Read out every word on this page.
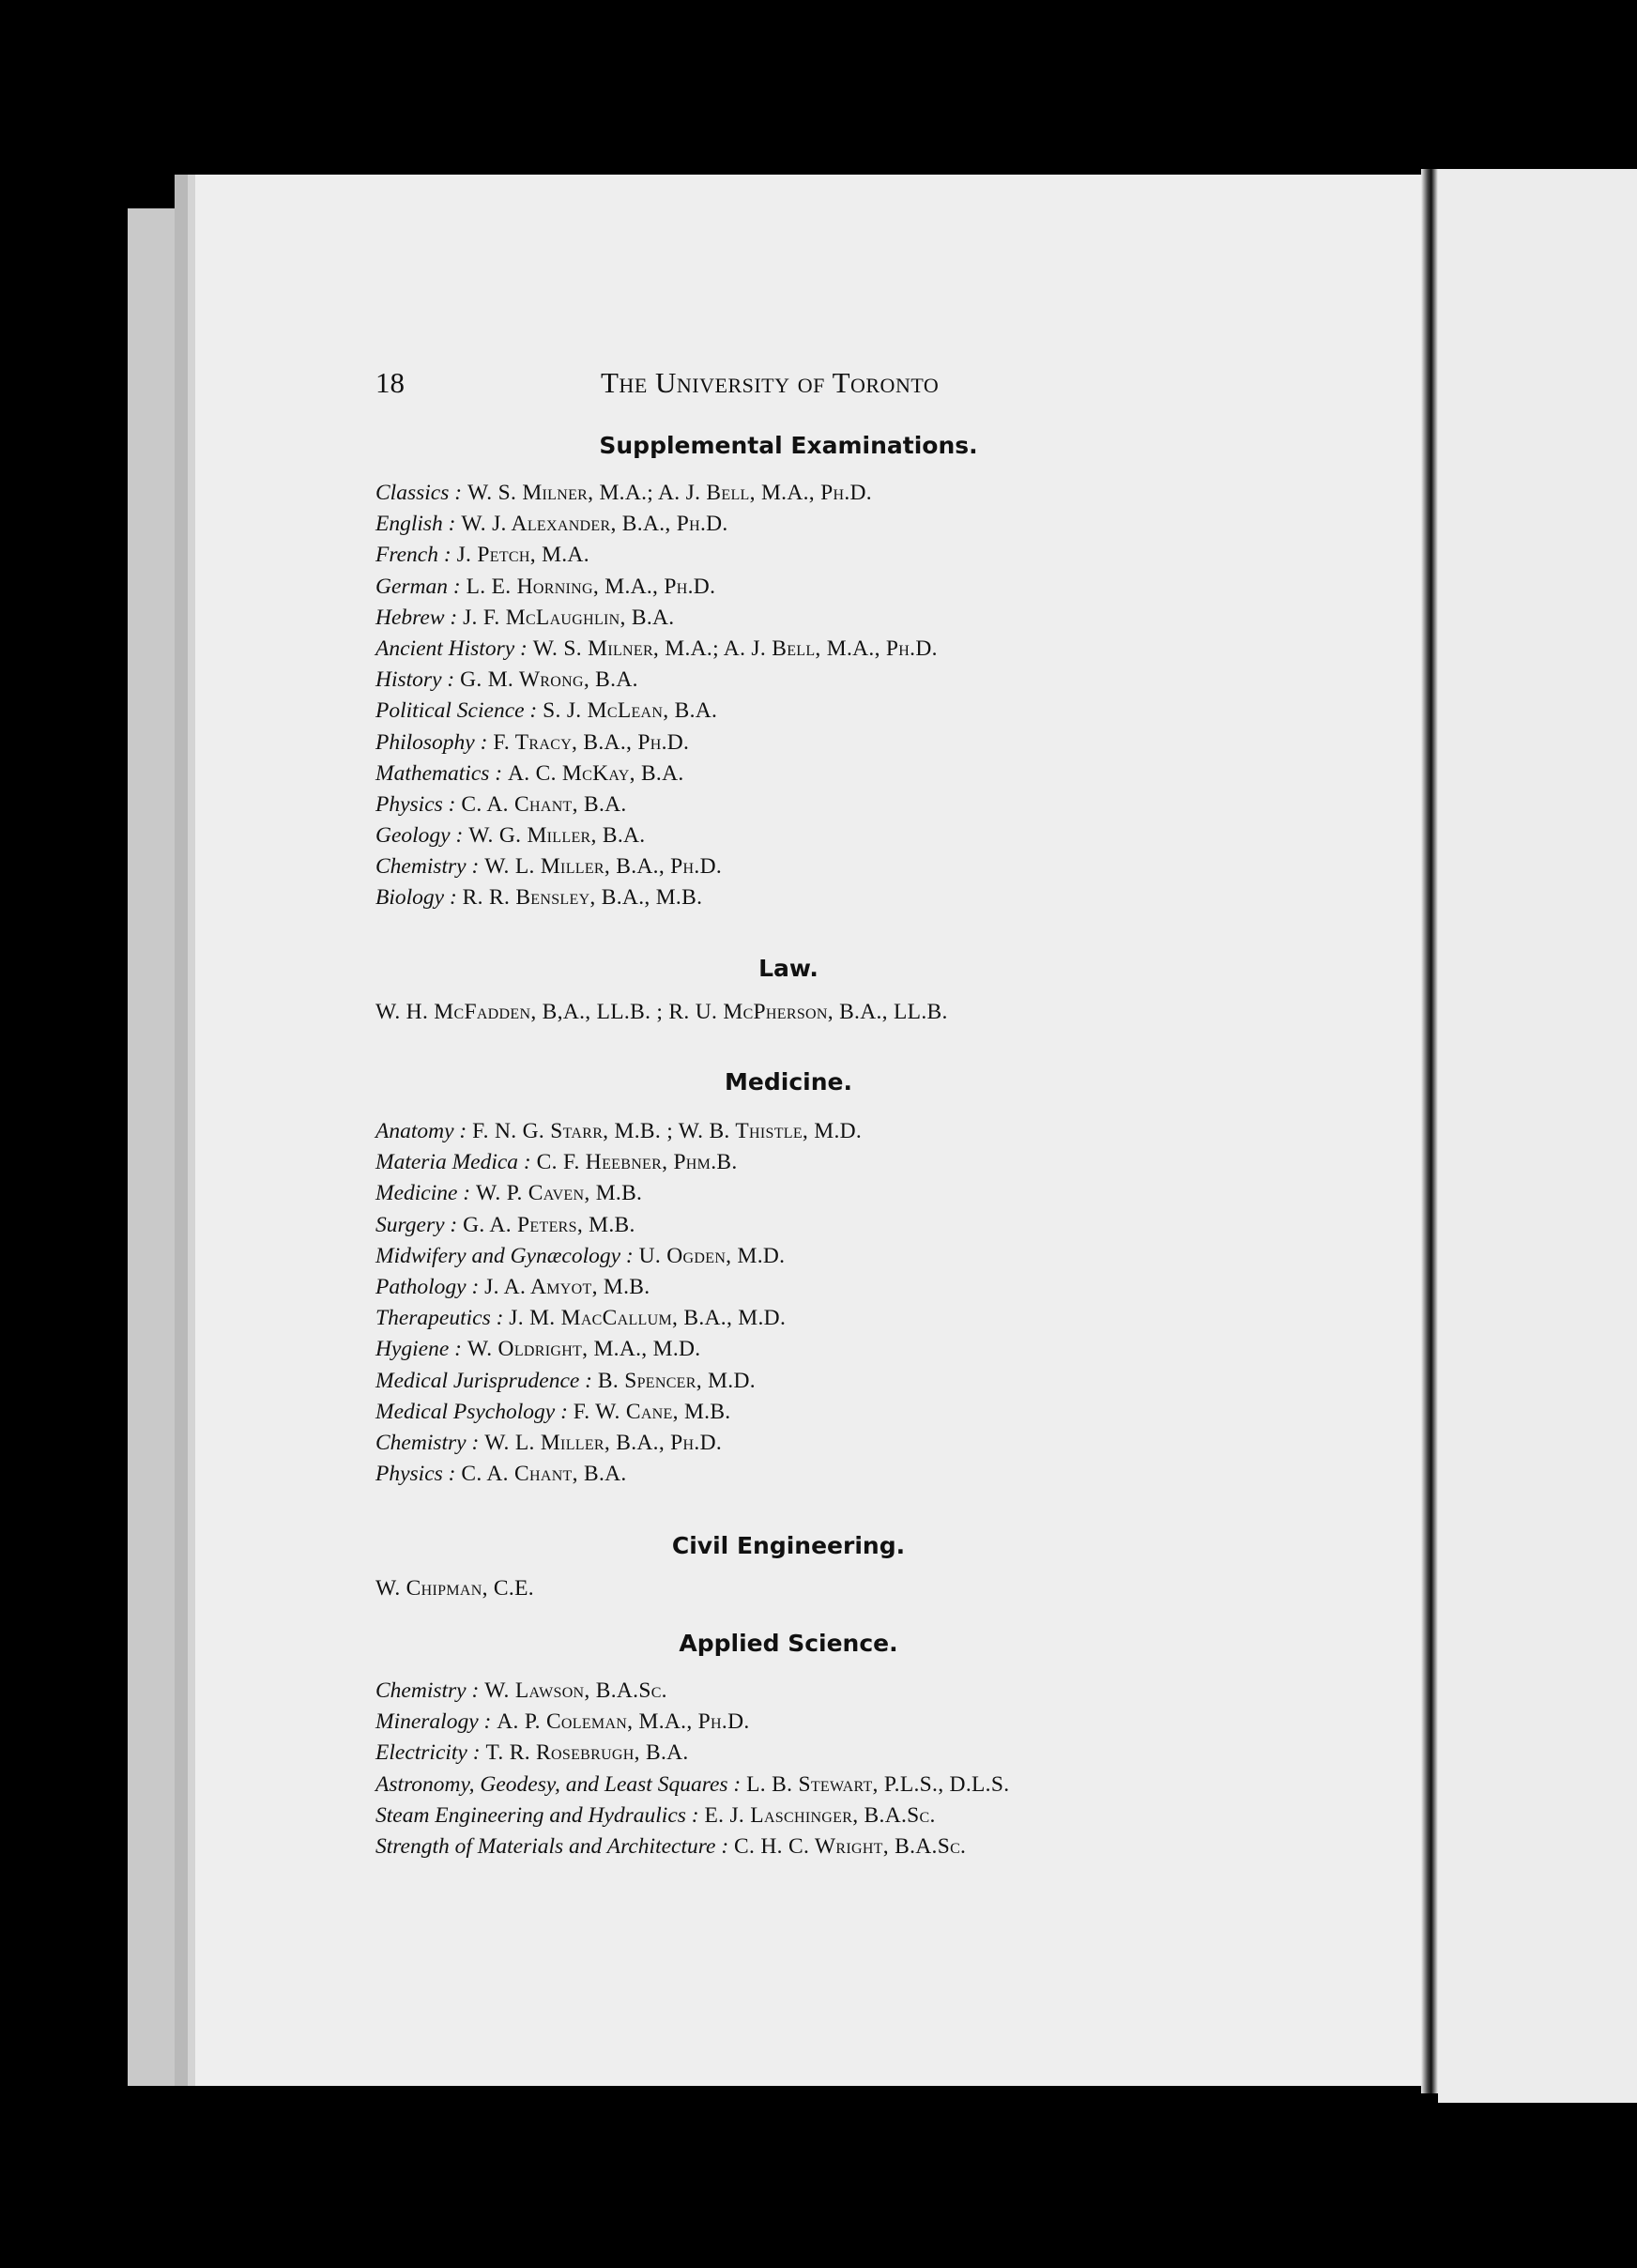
18	The University of Toronto
Supplemental Examinations.
Classics : W. S. Milner, M.A.; A. J. Bell, M.A., Ph.D.
English : W. J. Alexander, B.A., Ph.D.
French : J. Petch, M.A.
German : L. E. Horning, M.A., Ph.D.
Hebrew : J. F. McLaughlin, B.A.
Ancient History : W. S. Milner, M.A.; A. J. Bell, M.A., Ph.D.
History : G. M. Wrong, B.A.
Political Science : S. J. McLean, B.A.
Philosophy : F. Tracy, B.A., Ph.D.
Mathematics : A. C. McKay, B.A.
Physics : C. A. Chant, B.A.
Geology : W. G. Miller, B.A.
Chemistry : W. L. Miller, B.A., Ph.D.
Biology : R. R. Bensley, B.A., M.B.
Law.
W. H. McFadden, B,A., LL.B. ; R. U. McPherson, B.A., LL.B.
Medicine.
Anatomy : F. N. G. Starr, M.B. ; W. B. Thistle, M.D.
Materia Medica : C. F. Heebner, Phm.B.
Medicine : W. P. Caven, M.B.
Surgery : G. A. Peters, M.B.
Midwifery and Gynæcology : U. Ogden, M.D.
Pathology : J. A. Amyot, M.B.
Therapeutics : J. M. MacCallum, B.A., M.D.
Hygiene : W. Oldright, M.A., M.D.
Medical Jurisprudence : B. Spencer, M.D.
Medical Psychology : F. W. Cane, M.B.
Chemistry : W. L. Miller, B.A., Ph.D.
Physics : C. A. Chant, B.A.
Civil Engineering.
W. Chipman, C.E.
Applied Science.
Chemistry : W. Lawson, B.A.Sc.
Mineralogy : A. P. Coleman, M.A., Ph.D.
Electricity : T. R. Rosebrugh, B.A.
Astronomy, Geodesy, and Least Squares : L. B. Stewart, P.L.S., D.L.S.
Steam Engineering and Hydraulics : E. J. Laschinger, B.A.Sc.
Strength of Materials and Architecture : C. H. C. Wright, B.A.Sc.
